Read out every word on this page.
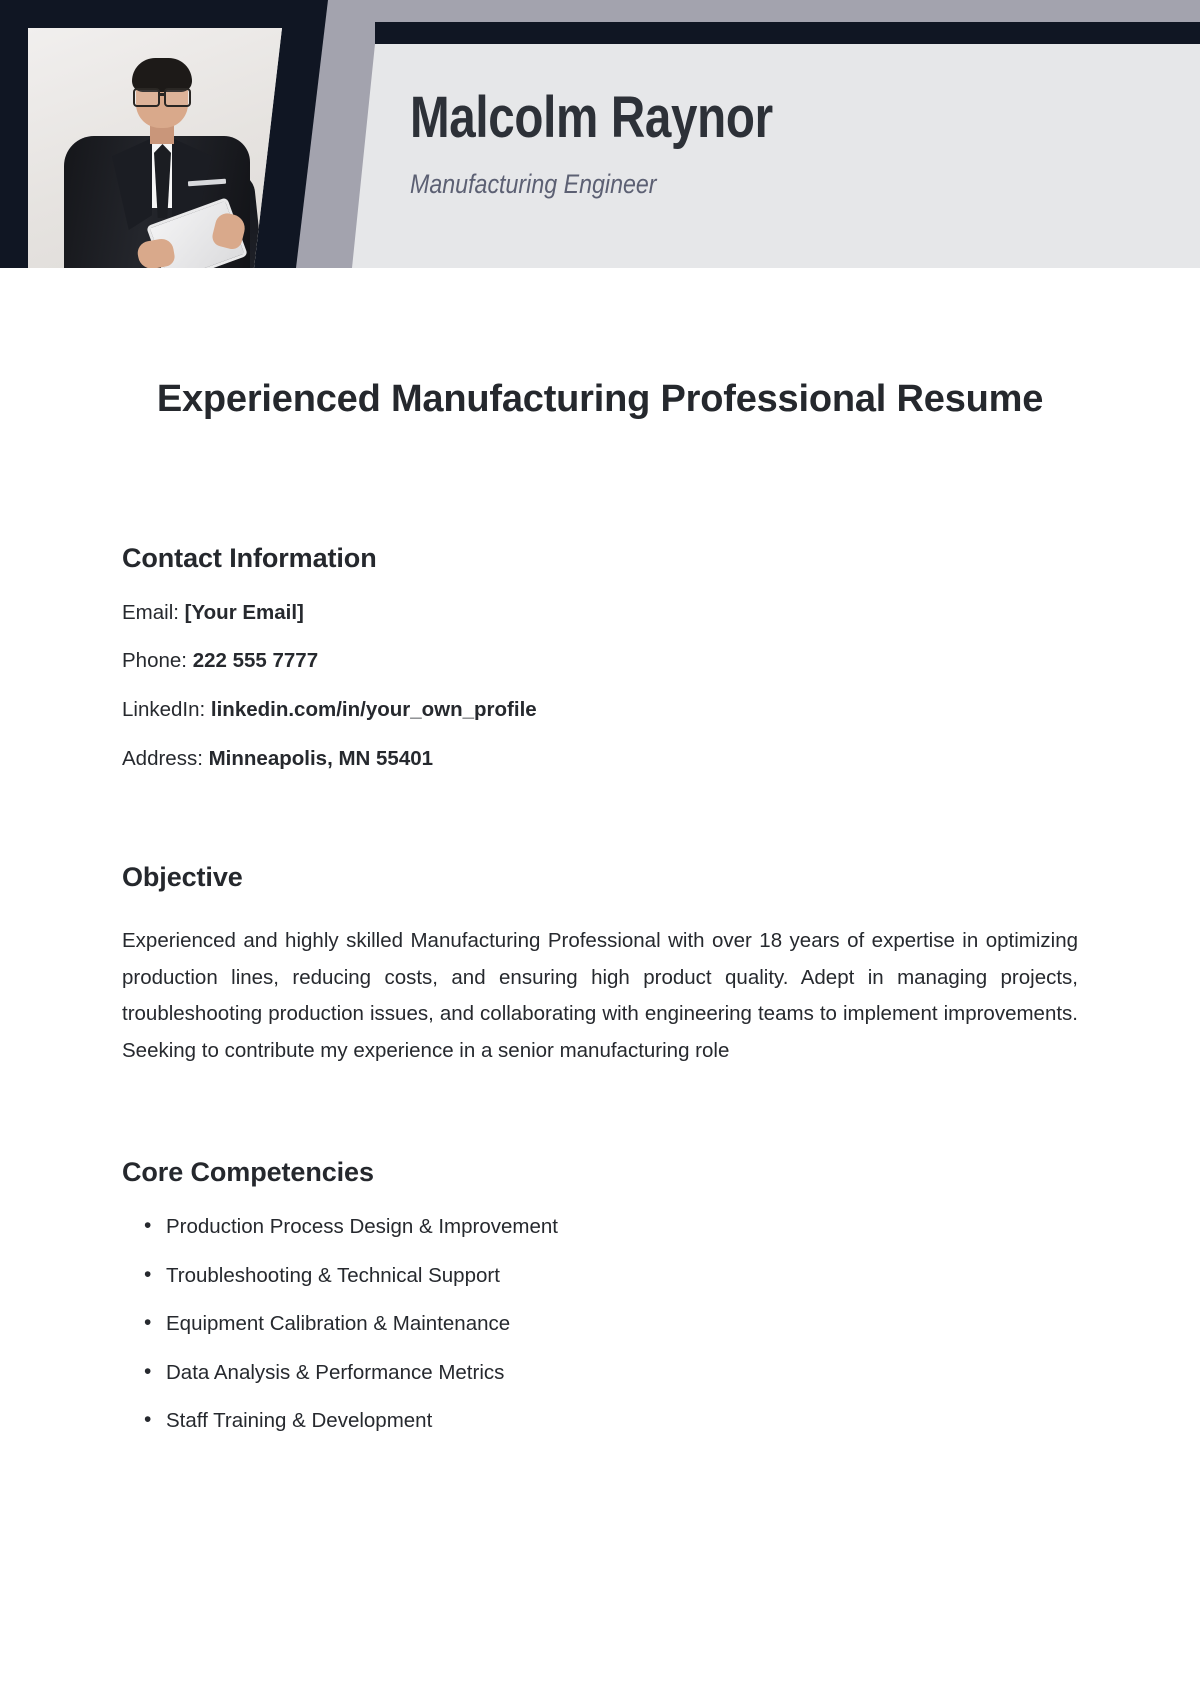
Malcolm Raynor
Manufacturing Engineer
Experienced Manufacturing Professional Resume
Contact Information
Email: [Your Email]
Phone: 222 555 7777
LinkedIn: linkedin.com/in/your_own_profile
Address: Minneapolis, MN 55401
Objective

Experienced and highly skilled Manufacturing Professional with over 18 years of expertise in optimizing production lines, reducing costs, and ensuring high product quality. Adept in managing projects, troubleshooting production issues, and collaborating with engineering teams to implement improvements. Seeking to contribute my experience in a senior manufacturing role

Core Competencies
• Production Process Design & Improvement
• Troubleshooting & Technical Support
• Equipment Calibration & Maintenance
• Data Analysis & Performance Metrics
• Staff Training & Development
